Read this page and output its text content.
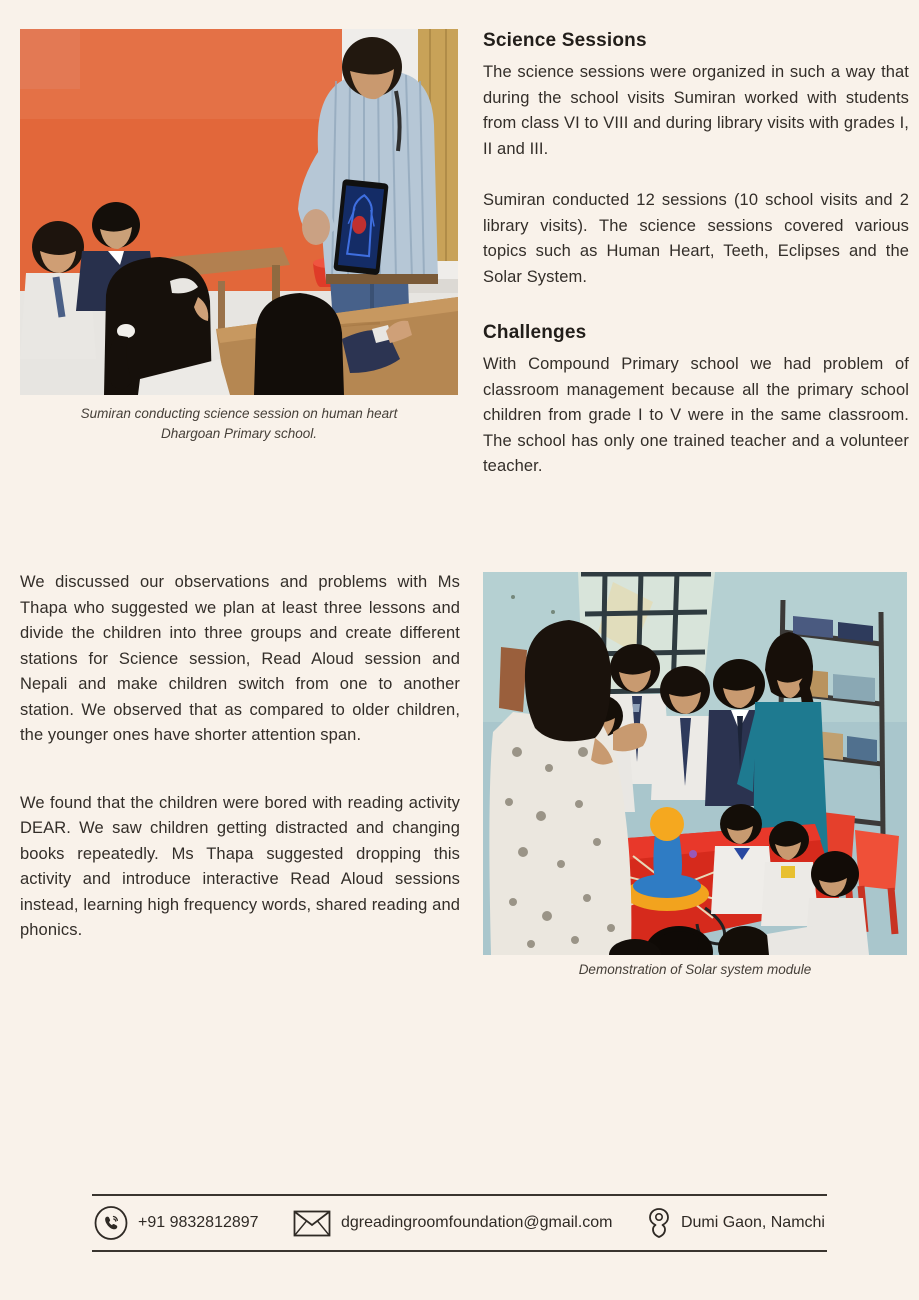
Sumiran conducting science session on human heart
Dhargoan Primary school.
Science Sessions

The science sessions were organized in such a way that during the school visits Sumiran worked with students from class VI to VIII and during library visits with grades I, II and III.

Sumiran conducted 12 sessions (10 school visits and 2 library visits). The science sessions covered various topics such as Human Heart, Teeth, Eclipses and the Solar System.

Challenges

With Compound Primary school we had problem of classroom management because all the primary school children from grade I to V were in the same classroom. The school has only one trained teacher and a volunteer teacher.

We discussed our observations and problems with Ms Thapa who suggested we plan at least three lessons and divide the children into three groups and create different stations for Science session, Read Aloud session and Nepali and make children switch from one to another station. We observed that as compared to older children, the younger ones have shorter attention span.

We found that the children were bored with reading activity DEAR. We saw children getting distracted and changing books repeatedly. Ms Thapa suggested dropping this activity and introduce interactive Read Aloud sessions instead, learning high frequency words, shared reading and phonics.

Demonstration of Solar system module
+91 9832812897	dgreadingroomfoundation@gmail.com	Dumi Gaon, Namchi
